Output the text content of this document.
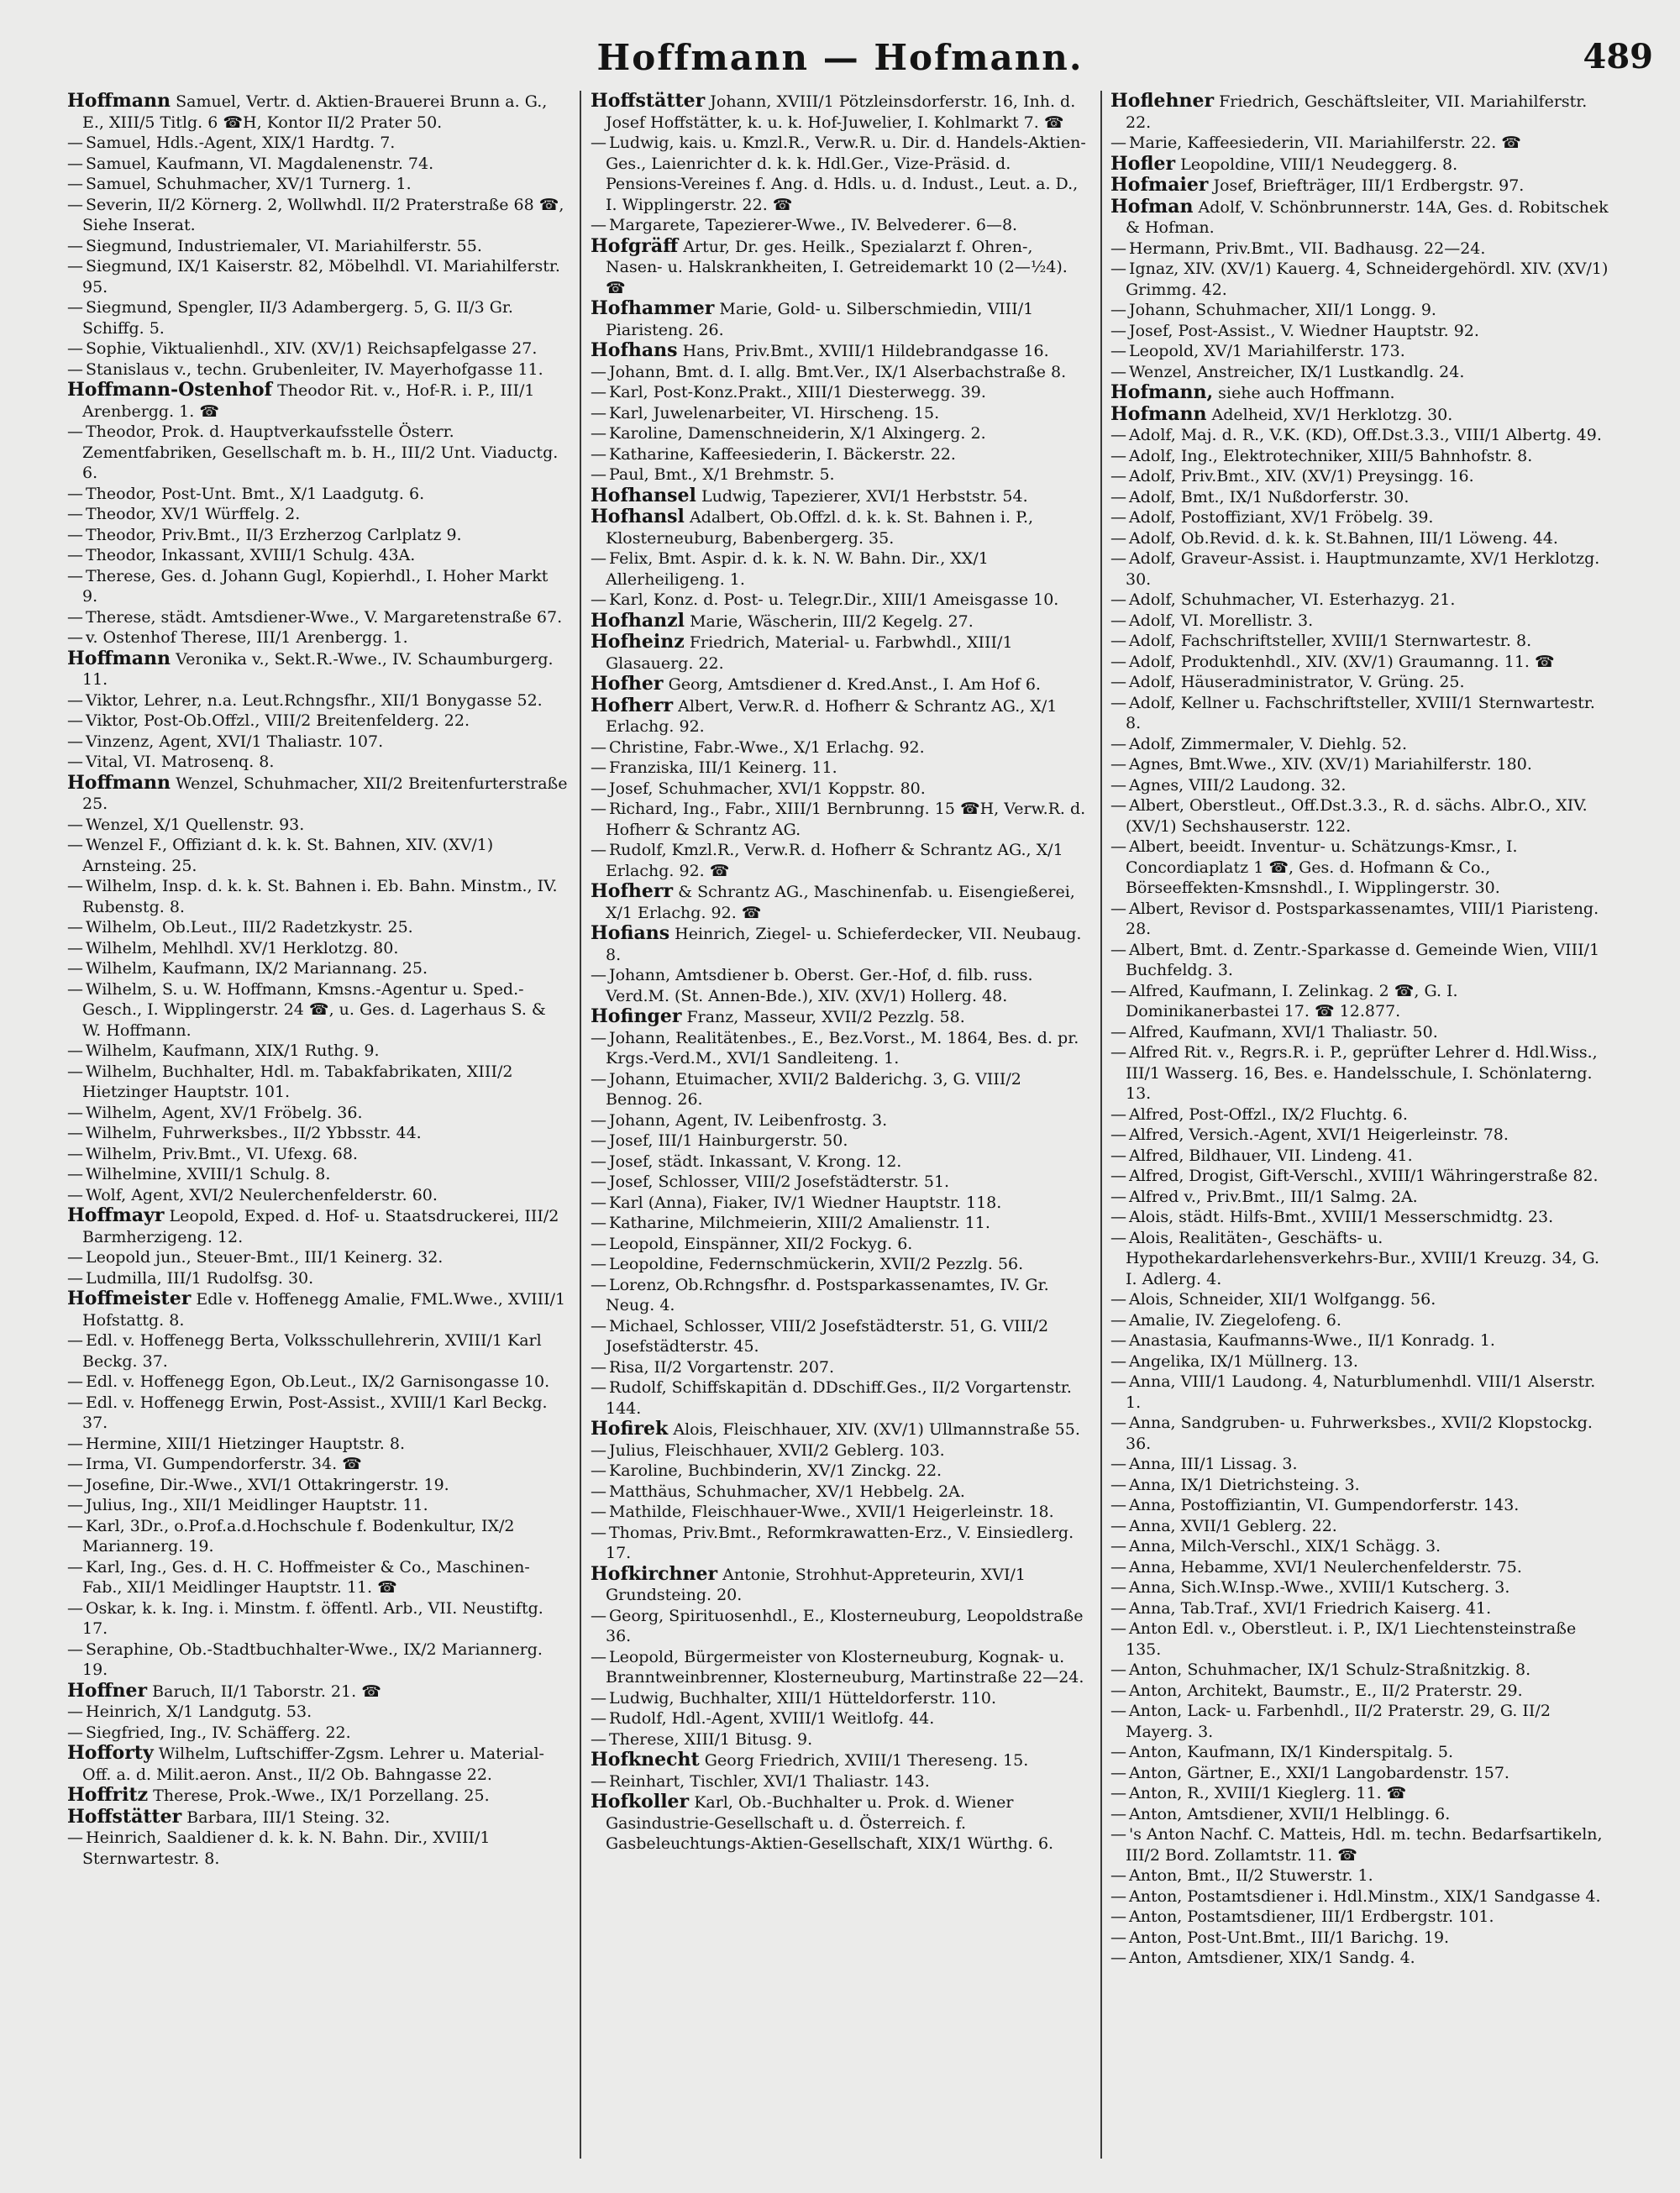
Hoffmann — Hofmann.	489

Hoffmann Samuel, Vertr. d. Aktien-Brauerei Brunn a. G., E., XIII/5 Titlg. 6 ☎H, Kontor II/2 Prater 50.

— Samuel, Hdls.-Agent, XIX/1 Hardtg. 7.

— Samuel, Kaufmann, VI. Magdalenenstr. 74.

— Samuel, Schuhmacher, XV/1 Turnerg. 1.

— Severin, II/2 Körnerg. 2, Wollwhdl. II/2 Praterstraße 68 ☎, Siehe Inserat.

— Siegmund, Industriemaler, VI. Mariahilferstr. 55.

— Siegmund, IX/1 Kaiserstr. 82, Möbelhdl. VI. Mariahilferstr. 95.

— Siegmund, Spengler, II/3 Adambergerg. 5, G. II/3 Gr. Schiffg. 5.

— Sophie, Viktualienhdl., XIV. (XV/1) Reichsapfelgasse 27.

— Stanislaus v., techn. Grubenleiter, IV. Mayerhofgasse 11.

Hoffmann-Ostenhof Theodor Rit. v., Hof-R. i. P., III/1 Arenbergg. 1. ☎

— Theodor, Prok. d. Hauptverkaufsstelle Österr. Zementfabriken, Gesellschaft m. b. H., III/2 Unt. Viaductg. 6.

— Theodor, Post-Unt. Bmt., X/1 Laadgutg. 6.

— Theodor, XV/1 Würffelg. 2.

— Theodor, Priv.Bmt., II/3 Erzherzog Carlplatz 9.

— Theodor, Inkassant, XVIII/1 Schulg. 43A.

— Therese, Ges. d. Johann Gugl, Kopierhdl., I. Hoher Markt 9.

— Therese, städt. Amtsdiener-Wwe., V. Margaretenstraße 67.

— v. Ostenhof Therese, III/1 Arenbergg. 1.

Hoffmann Veronika v., Sekt.R.-Wwe., IV. Schaumburgerg. 11.

— Viktor, Lehrer, n.a. Leut.Rchngsfhr., XII/1 Bonygasse 52.

— Viktor, Post-Ob.Offzl., VIII/2 Breitenfelderg. 22.

— Vinzenz, Agent, XVI/1 Thaliastr. 107.

— Vital, VI. Matrosenq. 8.

Hoffmann Wenzel, Schuhmacher, XII/2 Breitenfurterstraße 25.

— Wenzel, X/1 Quellenstr. 93.

— Wenzel F., Offiziant d. k. k. St. Bahnen, XIV. (XV/1) Arnsteing. 25.

— Wilhelm, Insp. d. k. k. St. Bahnen i. Eb. Bahn. Minstm., IV. Rubenstg. 8.

— Wilhelm, Ob.Leut., III/2 Radetzkystr. 25.

— Wilhelm, Mehlhdl. XV/1 Herklotzg. 80.

— Wilhelm, Kaufmann, IX/2 Mariannang. 25.

— Wilhelm, S. u. W. Hoffmann, Kmsns.-Agentur u. Sped.-Gesch., I. Wipplingerstr. 24 ☎, u. Ges. d. Lagerhaus S. & W. Hoffmann.

— Wilhelm, Kaufmann, XIX/1 Ruthg. 9.

— Wilhelm, Buchhalter, Hdl. m. Tabakfabrikaten, XIII/2 Hietzinger Hauptstr. 101.

— Wilhelm, Agent, XV/1 Fröbelg. 36.

— Wilhelm, Fuhrwerksbes., II/2 Ybbsstr. 44.

— Wilhelm, Priv.Bmt., VI. Ufexg. 68.

— Wilhelmine, XVIII/1 Schulg. 8.

— Wolf, Agent, XVI/2 Neulerchenfelderstr. 60.

Hoffmayr Leopold, Exped. d. Hof- u. Staatsdruckerei, III/2 Barmherzigeng. 12.

— Leopold jun., Steuer-Bmt., III/1 Keinerg. 32.

— Ludmilla, III/1 Rudolfsg. 30.

Hoffmeister Edle v. Hoffenegg Amalie, FML.Wwe., XVIII/1 Hofstattg. 8.

— Edl. v. Hoffenegg Berta, Volksschullehrerin, XVIII/1 Karl Beckg. 37.

— Edl. v. Hoffenegg Egon, Ob.Leut., IX/2 Garnisongasse 10.

— Edl. v. Hoffenegg Erwin, Post-Assist., XVIII/1 Karl Beckg. 37.

— Hermine, XIII/1 Hietzinger Hauptstr. 8.

— Irma, VI. Gumpendorferstr. 34. ☎

— Josefine, Dir.-Wwe., XVI/1 Ottakringerstr. 19.

— Julius, Ing., XII/1 Meidlinger Hauptstr. 11.

— Karl, 3Dr., o.Prof.a.d.Hochschule f. Bodenkultur, IX/2 Mariannerg. 19.

— Karl, Ing., Ges. d. H. C. Hoffmeister & Co., Maschinen-Fab., XII/1 Meidlinger Hauptstr. 11. ☎

— Oskar, k. k. Ing. i. Minstm. f. öffentl. Arb., VII. Neustiftg. 17.

— Seraphine, Ob.-Stadtbuchhalter-Wwe., IX/2 Mariannerg. 19.

Hoffner Baruch, II/1 Taborstr. 21. ☎

— Heinrich, X/1 Landgutg. 53.

— Siegfried, Ing., IV. Schäfferg. 22.

Hofforty Wilhelm, Luftschiffer-Zgsm. Lehrer u. Material-Off. a. d. Milit.aeron. Anst., II/2 Ob. Bahngasse 22.

Hoffritz Therese, Prok.-Wwe., IX/1 Porzellang. 25.

Hoffstätter Barbara, III/1 Steing. 32.

— Heinrich, Saaldiener d. k. k. N. Bahn. Dir., XVIII/1 Sternwartestr. 8.

Hoffstätter Johann, XVIII/1 Pötzleinsdorferstr. 16, Inh. d. Josef Hoffstätter, k. u. k. Hof-Juwelier, I. Kohlmarkt 7. ☎

— Ludwig, kais. u. Kmzl.R., Verw.R. u. Dir. d. Handels-Aktien-Ges., Laienrichter d. k. k. Hdl.Ger., Vize-Präsid. d. Pensions-Vereines f. Ang. d. Hdls. u. d. Indust., Leut. a. D., I. Wipplingerstr. 22. ☎

— Margarete, Tapezierer-Wwe., IV. Belvederег. 6—8.

Hofgräff Artur, Dr. ges. Heilk., Spezialarzt f. Ohren-, Nasen- u. Halskrankheiten, I. Getreidemarkt 10 (2—½4). ☎

Hofhammer Marie, Gold- u. Silberschmiedin, VIII/1 Piaristeng. 26.

Hofhans Hans, Priv.Bmt., XVIII/1 Hildebrandgasse 16.

— Johann, Bmt. d. I. allg. Bmt.Ver., IX/1 Alserbachstraße 8.

— Karl, Post-Konz.Prakt., XIII/1 Diesterwegg. 39.

— Karl, Juwelenarbeiter, VI. Hirscheng. 15.

— Karoline, Damenschneiderin, X/1 Alxingerg. 2.

— Katharine, Kaffeesiederin, I. Bäckerstr. 22.

— Paul, Bmt., X/1 Brehmstr. 5.

Hofhansel Ludwig, Tapezierer, XVI/1 Herbststr. 54.

Hofhansl Adalbert, Ob.Offzl. d. k. k. St. Bahnen i. P., Klosterneuburg, Babenbergerg. 35.

— Felix, Bmt. Aspir. d. k. k. N. W. Bahn. Dir., XX/1 Allerheiligeng. 1.

— Karl, Konz. d. Post- u. Telegr.Dir., XIII/1 Ameisgasse 10.

Hofhanzl Marie, Wäscherin, III/2 Kegelg. 27.

Hofheinz Friedrich, Material- u. Farbwhdl., XIII/1 Glasauerg. 22.

Hofher Georg, Amtsdiener d. Kred.Anst., I. Am Hof 6.

Hofherr Albert, Verw.R. d. Hofherr & Schrantz AG., X/1 Erlachg. 92.

— Christine, Fabr.-Wwe., X/1 Erlachg. 92.

— Franziska, III/1 Keinerg. 11.

— Josef, Schuhmacher, XVI/1 Koppstr. 80.

— Richard, Ing., Fabr., XIII/1 Bernbrunng. 15 ☎H, Verw.R. d. Hofherr & Schrantz AG.

— Rudolf, Kmzl.R., Verw.R. d. Hofherr & Schrantz AG., X/1 Erlachg. 92. ☎

Hofherr & Schrantz AG., Maschinenfab. u. Eisengießerei, X/1 Erlachg. 92. ☎

Hofians Heinrich, Ziegel- u. Schieferdecker, VII. Neubaug. 8.

— Johann, Amtsdiener b. Oberst. Ger.-Hof, d. filb. russ. Verd.M. (St. Annen-Bde.), XIV. (XV/1) Hollerg. 48.

Hofinger Franz, Masseur, XVII/2 Pezzlg. 58.

— Johann, Realitätenbes., E., Bez.Vorst., M. 1864, Bes. d. pr. Krgs.-Verd.M., XVI/1 Sandleiteng. 1.

— Johann, Etuimacher, XVII/2 Balderichg. 3, G. VIII/2 Bennog. 26.

— Johann, Agent, IV. Leibenfrostg. 3.

— Josef, III/1 Hainburgerstr. 50.

— Josef, städt. Inkassant, V. Krong. 12.

— Josef, Schlosser, VIII/2 Josefstädterstr. 51.

— Karl (Anna), Fiaker, IV/1 Wiedner Hauptstr. 118.

— Katharine, Milchmeierin, XIII/2 Amalienstr. 11.

— Leopold, Einspänner, XII/2 Fockyg. 6.

— Leopoldine, Federnschmückerin, XVII/2 Pezzlg. 56.

— Lorenz, Ob.Rchngsfhr. d. Postsparkassenamtes, IV. Gr. Neug. 4.

— Michael, Schlosser, VIII/2 Josefstädterstr. 51, G. VIII/2 Josefstädterstr. 45.

— Risa, II/2 Vorgartenstr. 207.

— Rudolf, Schiffskapitän d. DDschiff.Ges., II/2 Vorgartenstr. 144.

Hofirek Alois, Fleischhauer, XIV. (XV/1) Ullmannstraße 55.

— Julius, Fleischhauer, XVII/2 Geblerg. 103.

— Karoline, Buchbinderin, XV/1 Zinckg. 22.

— Matthäus, Schuhmacher, XV/1 Hebbelg. 2A.

— Mathilde, Fleischhauer-Wwe., XVII/1 Heigerleinstr. 18.

— Thomas, Priv.Bmt., Reformkrawatten-Erz., V. Einsiedlerg. 17.

Hofkirchner Antonie, Strohhut-Appreteurin, XVI/1 Grundsteing. 20.

— Georg, Spirituosenhdl., E., Klosterneuburg, Leopoldstraße 36.

— Leopold, Bürgermeister von Klosterneuburg, Kognak- u. Branntweinbrenner, Klosterneuburg, Martinstraße 22—24.

— Ludwig, Buchhalter, XIII/1 Hütteldorferstr. 110.

— Rudolf, Hdl.-Agent, XVIII/1 Weitlofg. 44.

— Therese, XIII/1 Bitusg. 9.

Hofknecht Georg Friedrich, XVIII/1 Thereseng. 15.

— Reinhart, Tischler, XVI/1 Thaliastr. 143.

Hofkoller Karl, Ob.-Buchhalter u. Prok. d. Wiener Gasindustrie-Gesellschaft u. d. Österreich. f. Gasbeleuchtungs-Aktien-Gesellschaft, XIX/1 Würthg. 6.

Hoflehner Friedrich, Geschäftsleiter, VII. Mariahilferstr. 22.

— Marie, Kaffeesiederin, VII. Mariahilferstr. 22. ☎

Hofler Leopoldine, VIII/1 Neudeggerg. 8.

Hofmaier Josef, Briefträger, III/1 Erdbergstr. 97.

Hofman Adolf, V. Schönbrunnerstr. 14A, Ges. d. Robitschek & Hofman.

— Hermann, Priv.Bmt., VII. Badhausg. 22—24.

— Ignaz, XIV. (XV/1) Kauerg. 4, Schneidergehördl. XIV. (XV/1) Grimmg. 42.

— Johann, Schuhmacher, XII/1 Longg. 9.

— Josef, Post-Assist., V. Wiedner Hauptstr. 92.

— Leopold, XV/1 Mariahilferstr. 173.

— Wenzel, Anstreicher, IX/1 Lustkandlg. 24.

Hofmann, siehe auch Hoffmann.

Hofmann Adelheid, XV/1 Herklotzg. 30.

— Adolf, Maj. d. R., V.K. (KD), Off.Dst.3.3., VIII/1 Albertg. 49.

— Adolf, Ing., Elektrotechniker, XIII/5 Bahnhofstr. 8.

— Adolf, Priv.Bmt., XIV. (XV/1) Preysingg. 16.

— Adolf, Bmt., IX/1 Nußdorferstr. 30.

— Adolf, Postoffiziant, XV/1 Fröbelg. 39.

— Adolf, Ob.Revid. d. k. k. St.Bahnen, III/1 Löweng. 44.

— Adolf, Graveur-Assist. i. Hauptmunzamte, XV/1 Herklotzg. 30.

— Adolf, Schuhmacher, VI. Esterhazyg. 21.

— Adolf, VI. Morellistr. 3.

— Adolf, Fachschriftsteller, XVIII/1 Sternwartestr. 8.

— Adolf, Produktenhdl., XIV. (XV/1) Graumanng. 11. ☎

— Adolf, Häuseradministrator, V. Grüng. 25.

— Adolf, Kellner u. Fachschriftsteller, XVIII/1 Sternwartestr. 8.

— Adolf, Zimmermaler, V. Diehlg. 52.

— Agnes, Bmt.Wwe., XIV. (XV/1) Mariahilferstr. 180.

— Agnes, VIII/2 Laudong. 32.

— Albert, Oberstleut., Off.Dst.3.3., R. d. sächs. Albr.O., XIV. (XV/1) Sechshauserstr. 122.

— Albert, beeidt. Inventur- u. Schätzungs-Kmsr., I. Concordiaplatz 1 ☎, Ges. d. Hofmann & Co., Börseeffekten-Kmsnshdl., I. Wipplingerstr. 30.

— Albert, Revisor d. Postsparkassenamtes, VIII/1 Piaristeng. 28.

— Albert, Bmt. d. Zentr.-Sparkasse d. Gemeinde Wien, VIII/1 Buchfeldg. 3.

— Alfred, Kaufmann, I. Zelinkag. 2 ☎, G. I. Dominikanerbastei 17. ☎ 12.877.

— Alfred, Kaufmann, XVI/1 Thaliastr. 50.

— Alfred Rit. v., Regrs.R. i. P., geprüfter Lehrer d. Hdl.Wiss., III/1 Wasserg. 16, Bes. e. Handelsschule, I. Schönlaterng. 13.

— Alfred, Post-Offzl., IX/2 Fluchtg. 6.

— Alfred, Versich.-Agent, XVI/1 Heigerleinstr. 78.

— Alfred, Bildhauer, VII. Lindeng. 41.

— Alfred, Drogist, Gift-Verschl., XVIII/1 Währingerstraße 82.

— Alfred v., Priv.Bmt., III/1 Salmg. 2A.

— Alois, städt. Hilfs-Bmt., XVIII/1 Messerschmidtg. 23.

— Alois, Realitäten-, Geschäfts- u. Hypothekardarlehensverkehrs-Bur., XVIII/1 Kreuzg. 34, G. I. Adlerg. 4.

— Alois, Schneider, XII/1 Wolfgangg. 56.

— Amalie, IV. Ziegelofeng. 6.

— Anastasia, Kaufmanns-Wwe., II/1 Konradg. 1.

— Angelika, IX/1 Müllnerg. 13.

— Anna, VIII/1 Laudong. 4, Naturblumenhdl. VIII/1 Alserstr. 1.

— Anna, Sandgruben- u. Fuhrwerksbes., XVII/2 Klopstockg. 36.

— Anna, III/1 Lissag. 3.

— Anna, IX/1 Dietrichsteing. 3.

— Anna, Postoffiziantin, VI. Gumpendorferstr. 143.

— Anna, XVII/1 Geblerg. 22.

— Anna, Milch-Verschl., XIX/1 Schägg. 3.

— Anna, Hebamme, XVI/1 Neulerchenfelderstr. 75.

— Anna, Sich.W.Insp.-Wwe., XVIII/1 Kutscherg. 3.

— Anna, Tab.Traf., XVI/1 Friedrich Kaiserg. 41.

— Anton Edl. v., Oberstleut. i. P., IX/1 Liechtensteinstraße 135.

— Anton, Schuhmacher, IX/1 Schulz-Straßnitzkig. 8.

— Anton, Architekt, Baumstr., E., II/2 Praterstr. 29.

— Anton, Lack- u. Farbenhdl., II/2 Praterstr. 29, G. II/2 Mayerg. 3.

— Anton, Kaufmann, IX/1 Kinderspitalg. 5.

— Anton, Gärtner, E., XXI/1 Langobardenstr. 157.

— Anton, R., XVIII/1 Kieglerg. 11. ☎

— Anton, Amtsdiener, XVII/1 Helblingg. 6.

— 's Anton Nachf. C. Matteis, Hdl. m. techn. Bedarfsartikeln, III/2 Bord. Zollamtstr. 11. ☎

— Anton, Bmt., II/2 Stuwerstr. 1.

— Anton, Postamtsdiener i. Hdl.Minstm., XIX/1 Sandgasse 4.

— Anton, Postamtsdiener, III/1 Erdbergstr. 101.

— Anton, Post-Unt.Bmt., III/1 Barichg. 19.

— Anton, Amtsdiener, XIX/1 Sandg. 4.
